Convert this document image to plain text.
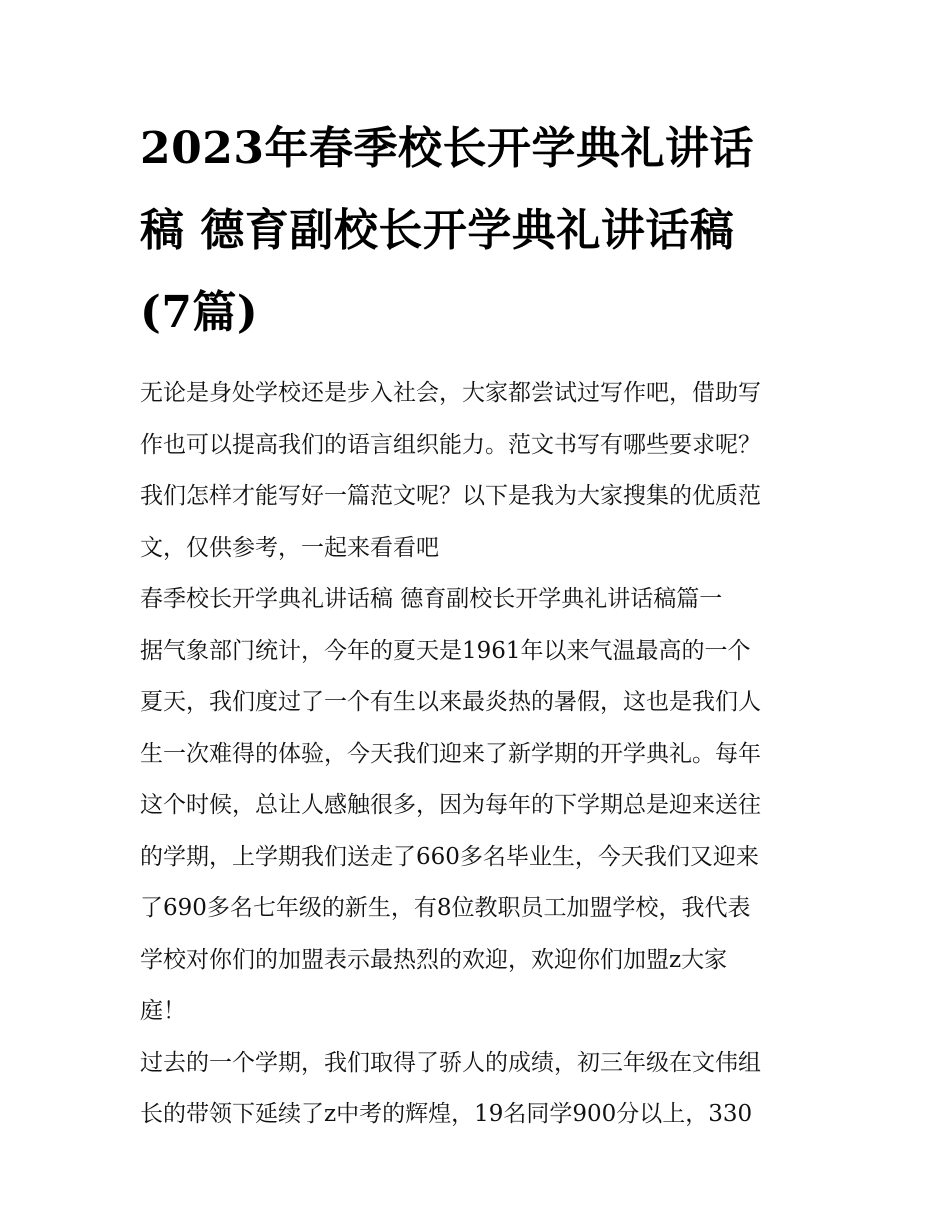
2023年春季校长开学典礼讲话
稿 德育副校长开学典礼讲话稿
(7篇)
无论是身处学校还是步入社会，大家都尝试过写作吧，借助写
作也可以提高我们的语言组织能力。范文书写有哪些要求呢？
我们怎样才能写好一篇范文呢？以下是我为大家搜集的优质范
文，仅供参考，一起来看看吧
春季校长开学典礼讲话稿 德育副校长开学典礼讲话稿篇一
据气象部门统计，今年的夏天是1961年以来气温最高的一个
夏天，我们度过了一个有生以来最炎热的暑假，这也是我们人
生一次难得的体验，今天我们迎来了新学期的开学典礼。每年
这个时候，总让人感触很多，因为每年的下学期总是迎来送往
的学期，上学期我们送走了660多名毕业生，今天我们又迎来
了690多名七年级的新生，有8位教职员工加盟学校，我代表
学校对你们的加盟表示最热烈的欢迎，欢迎你们加盟z大家
庭！
过去的一个学期，我们取得了骄人的成绩，初三年级在文伟组
长的带领下延续了z中考的辉煌，19名同学900分以上，330
